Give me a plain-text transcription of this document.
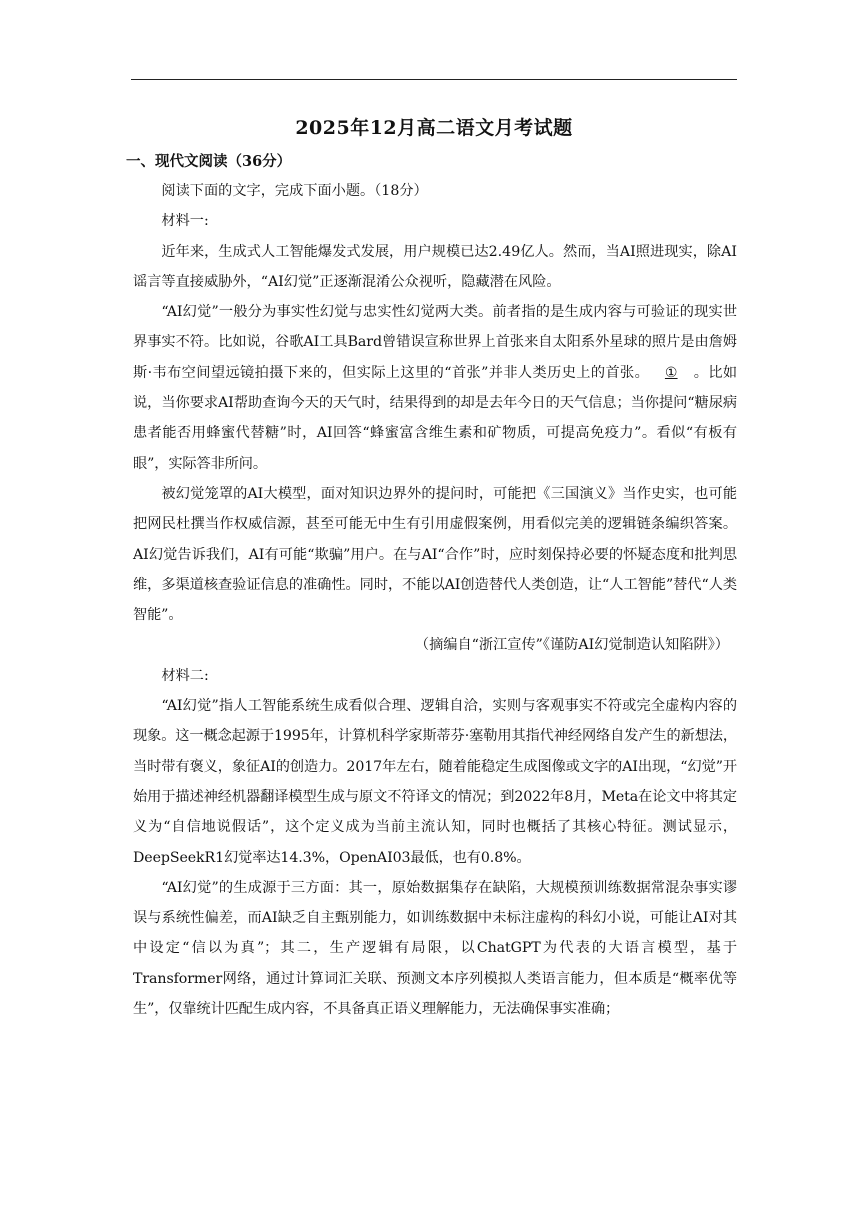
2025年12月高二语文月考试题
一、现代文阅读（36分）

阅读下面的文字，完成下面小题。（18分）

材料一:

近年来，生成式人工智能爆发式发展，用户规模已达2.49亿人。然而，当AI照进现实，除AI谣言等直接威胁外，“AI幻觉”正逐渐混淆公众视听，隐藏潜在风险。

“AI幻觉”一般分为事实性幻觉与忠实性幻觉两大类。前者指的是生成内容与可验证的现实世界事实不符。比如说，谷歌AI工具Bard曾错误宣称世界上首张来自太阳系外星球的照片是由詹姆斯·韦布空间望远镜拍摄下来的，但实际上这里的“首张”并非人类历史上的首张。 ① 。比如说，当你要求AI帮助查询今天的天气时，结果得到的却是去年今日的天气信息；当你提问“糖尿病患者能否用蜂蜜代替糖”时，AI回答“蜂蜜富含维生素和矿物质，可提高免疫力”。看似“有板有眼”，实际答非所问。

被幻觉笼罩的AI大模型，面对知识边界外的提问时，可能把《三国演义》当作史实，也可能把网民杜撰当作权威信源，甚至可能无中生有引用虚假案例，用看似完美的逻辑链条编织答案。AI幻觉告诉我们，AI有可能“欺骗”用户。在与AI“合作”时，应时刻保持必要的怀疑态度和批判思维，多渠道核查验证信息的准确性。同时，不能以AI创造替代人类创造，让“人工智能”替代“人类智能”。

（摘编自“浙江宣传”《谨防AI幻觉制造认知陷阱》）

材料二:

“AI幻觉”指人工智能系统生成看似合理、逻辑自洽，实则与客观事实不符或完全虚构内容的现象。这一概念起源于1995年，计算机科学家斯蒂芬·塞勒用其指代神经网络自发产生的新想法，当时带有褒义，象征AI的创造力。2017年左右，随着能稳定生成图像或文字的AI出现，“幻觉”开始用于描述神经机器翻译模型生成与原文不符译文的情况；到2022年8月，Meta在论文中将其定义为“自信地说假话”，这个定义成为当前主流认知，同时也概括了其核心特征。测试显示，DeepSeekR1幻觉率达14.3%，OpenAI03最低，也有0.8%。

“AI幻觉”的生成源于三方面：其一，原始数据集存在缺陷，大规模预训练数据常混杂事实谬误与系统性偏差，而AI缺乏自主甄别能力，如训练数据中未标注虚构的科幻小说，可能让AI对其中设定“信以为真”；其二，生产逻辑有局限，以ChatGPT为代表的大语言模型，基于Transformer网络，通过计算词汇关联、预测文本序列模拟人类语言能力，但本质是“概率优等生”，仅靠统计匹配生成内容，不具备真正语义理解能力，无法确保事实准确；
